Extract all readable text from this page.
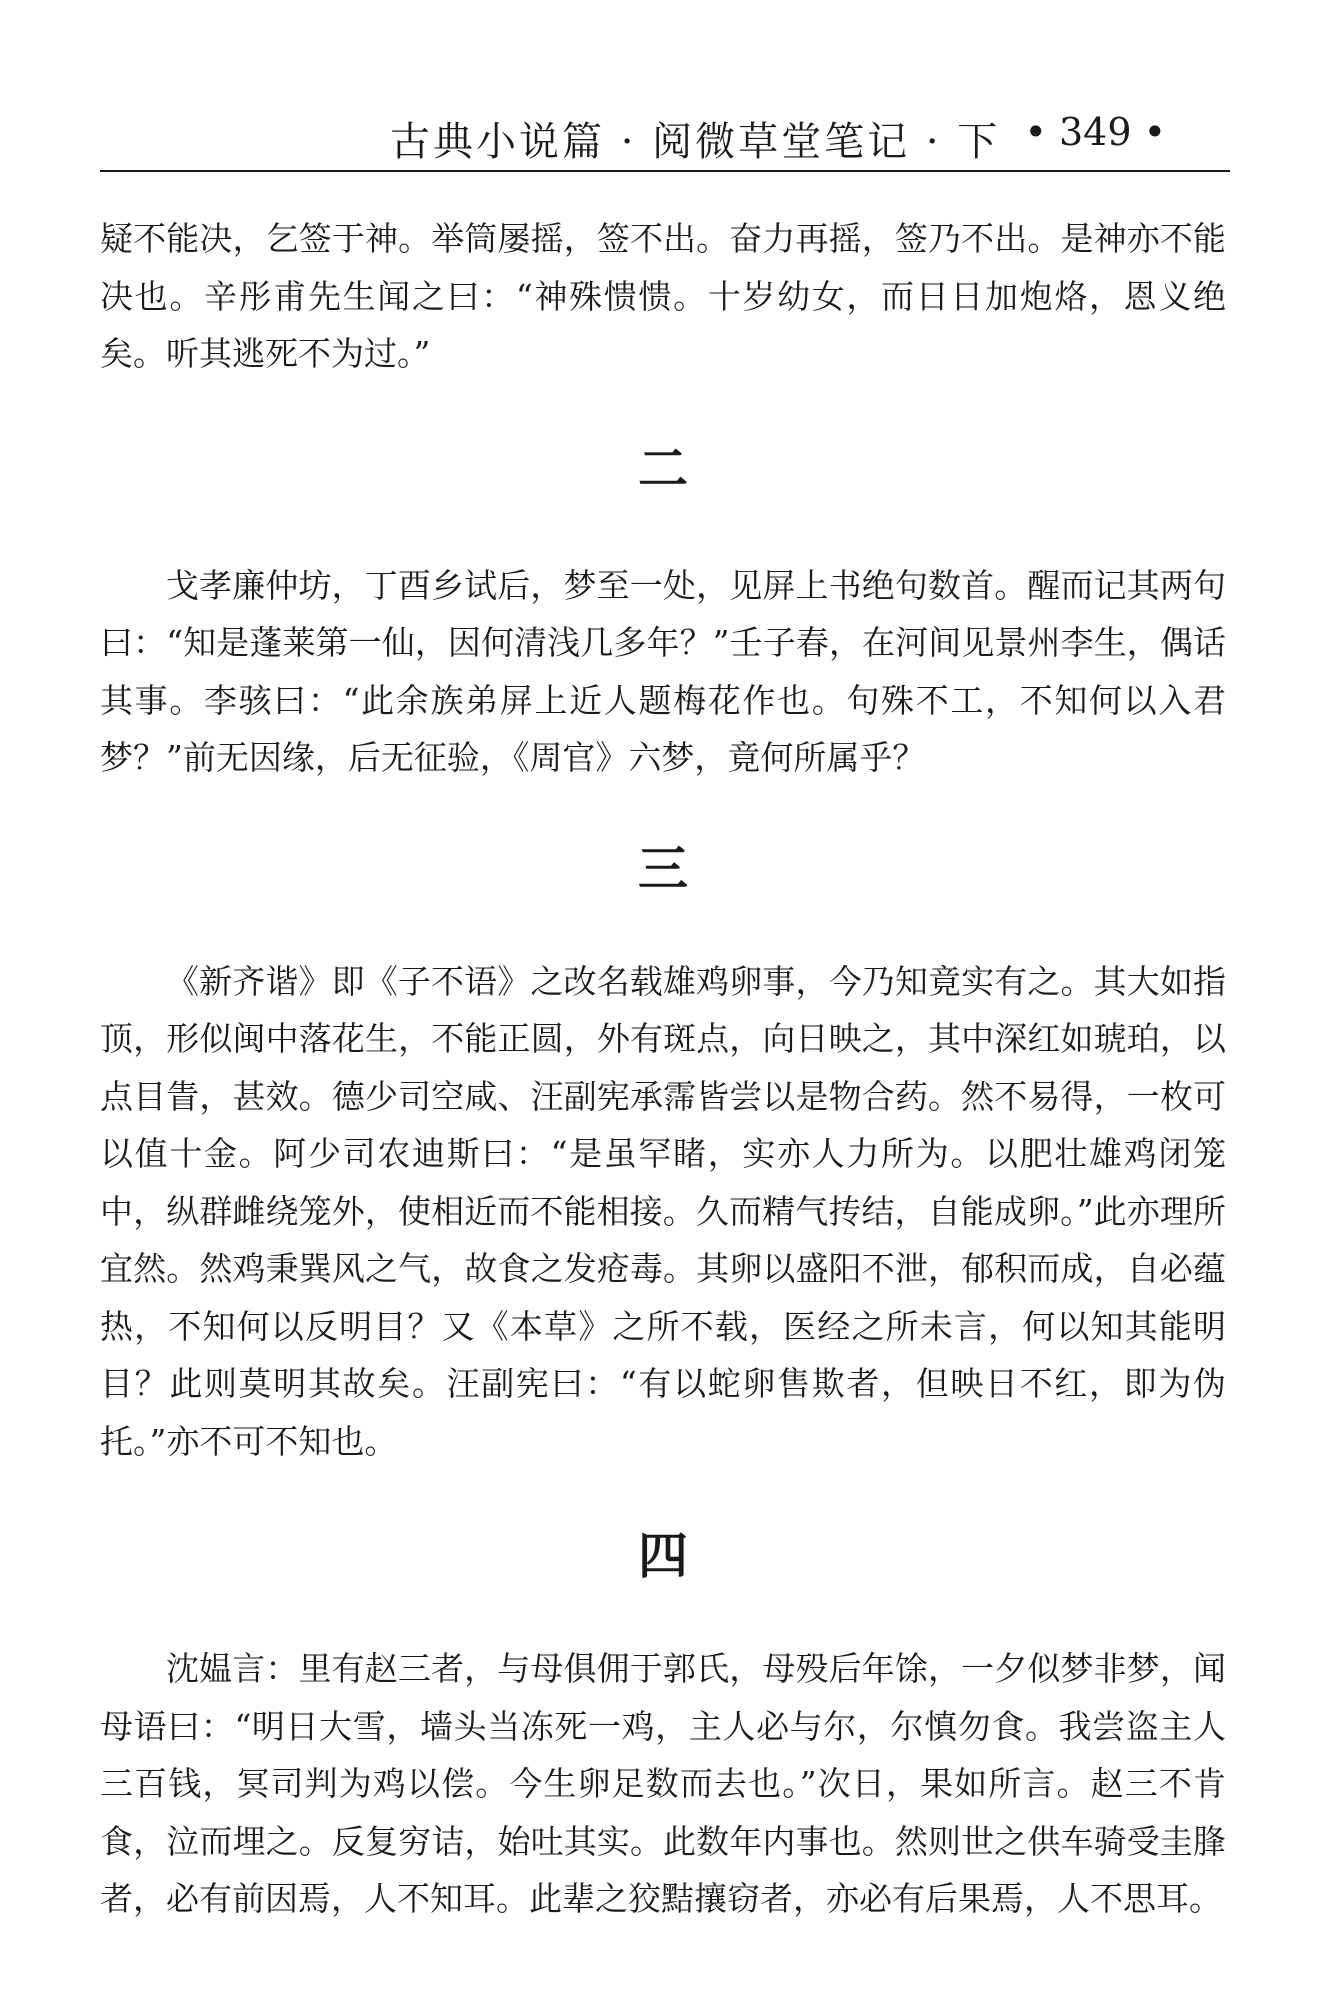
古典小说篇 · 阅微草堂笔记 · 下 • 349 •

疑不能决，乞签于神。举筒屡摇，签不出。奋力再摇，签乃不出。是神亦不能决也。辛彤甫先生闻之曰：“神殊愦愦。十岁幼女，而日日加炮烙，恩义绝矣。听其逃死不为过。”

二

戈孝廉仲坊，丁酉乡试后，梦至一处，见屏上书绝句数首。醒而记其两句曰：“知是蓬莱第一仙，因何清浅几多年？”壬子春，在河间见景州李生，偶话其事。李骇曰：“此余族弟屏上近人题梅花作也。句殊不工，不知何以入君梦？”前无因缘，后无征验，《周官》六梦，竟何所属乎？

三

《新齐谐》即《子不语》之改名载雄鸡卵事，今乃知竟实有之。其大如指顶，形似闽中落花生，不能正圆，外有斑点，向日映之，其中深红如琥珀，以点目眚，甚效。德少司空咸、汪副宪承霈皆尝以是物合药。然不易得，一枚可以值十金。阿少司农迪斯曰：“是虽罕睹，实亦人力所为。以肥壮雄鸡闭笼中，纵群雌绕笼外，使相近而不能相接。久而精气抟结，自能成卵。”此亦理所宜然。然鸡秉巽风之气，故食之发疮毒。其卵以盛阳不泄，郁积而成，自必蕴热，不知何以反明目？又《本草》之所不载，医经之所未言，何以知其能明目？此则莫明其故矣。汪副宪曰：“有以蛇卵售欺者，但映日不红，即为伪托。”亦不可不知也。

四

沈媪言：里有赵三者，与母俱佣于郭氏，母殁后年馀，一夕似梦非梦，闻母语曰：“明日大雪，墙头当冻死一鸡，主人必与尔，尔慎勿食。我尝盗主人三百钱，冥司判为鸡以偿。今生卵足数而去也。”次日，果如所言。赵三不肯食，泣而埋之。反复穷诘，始吐其实。此数年内事也。然则世之供车骑受圭䏺者，必有前因焉，人不知耳。此辈之狡黠攘窃者，亦必有后果焉，人不思耳。
